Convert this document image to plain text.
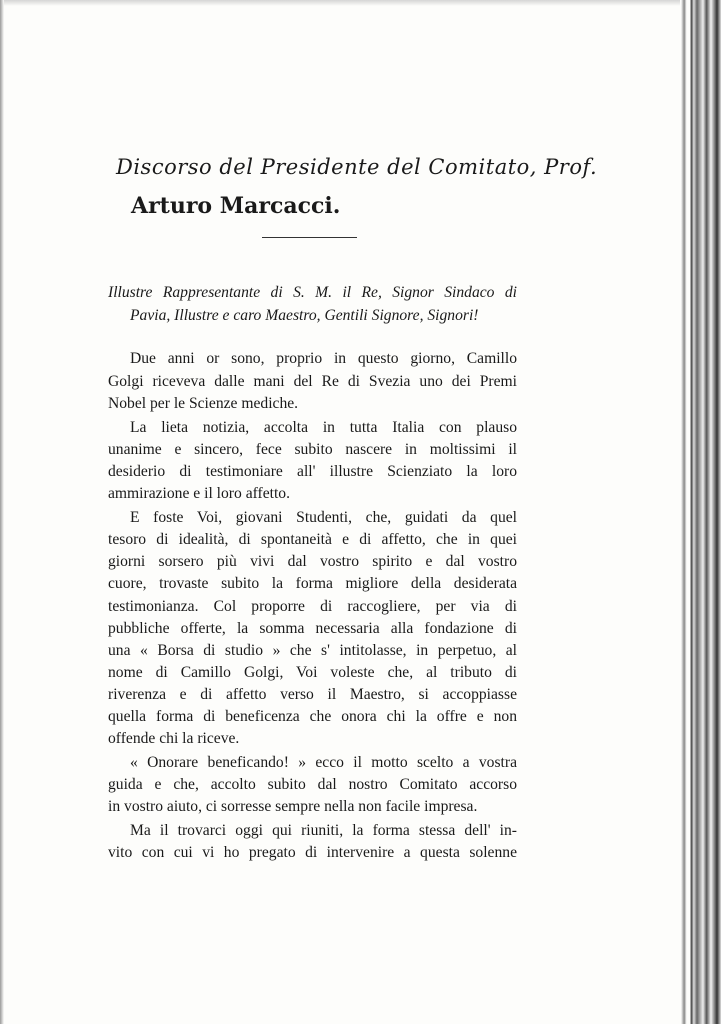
Discorso del Presidente del Comitato, Prof.
Arturo Marcacci.
Illustre Rappresentante di S. M. il Re, Signor Sindaco di
Pavia, Illustre e caro Maestro, Gentili Signore, Signori!
Due anni or sono, proprio in questo giorno, Camillo
Golgi riceveva dalle mani del Re di Svezia uno dei Premi
Nobel per le Scienze mediche.
La lieta notizia, accolta in tutta Italia con plauso
unanime e sincero, fece subito nascere in moltissimi il
desiderio di testimoniare all' illustre Scienziato la loro
ammirazione e il loro affetto.
E foste Voi, giovani Studenti, che, guidati da quel
tesoro di idealità, di spontaneità e di affetto, che in quei
giorni sorsero più vivi dal vostro spirito e dal vostro
cuore, trovaste subito la forma migliore della desiderata
testimonianza. Col proporre di raccogliere, per via di
pubbliche offerte, la somma necessaria alla fondazione di
una « Borsa di studio » che s' intitolasse, in perpetuo, al
nome di Camillo Golgi, Voi voleste che, al tributo di
riverenza e di affetto verso il Maestro, si accoppiasse
quella forma di beneficenza che onora chi la offre e non
offende chi la riceve.
« Onorare beneficando! » ecco il motto scelto a vostra
guida e che, accolto subito dal nostro Comitato accorso
in vostro aiuto, ci sorresse sempre nella non facile impresa.
Ma il trovarci oggi qui riuniti, la forma stessa dell' in-
vito con cui vi ho pregato di intervenire a questa solenne
